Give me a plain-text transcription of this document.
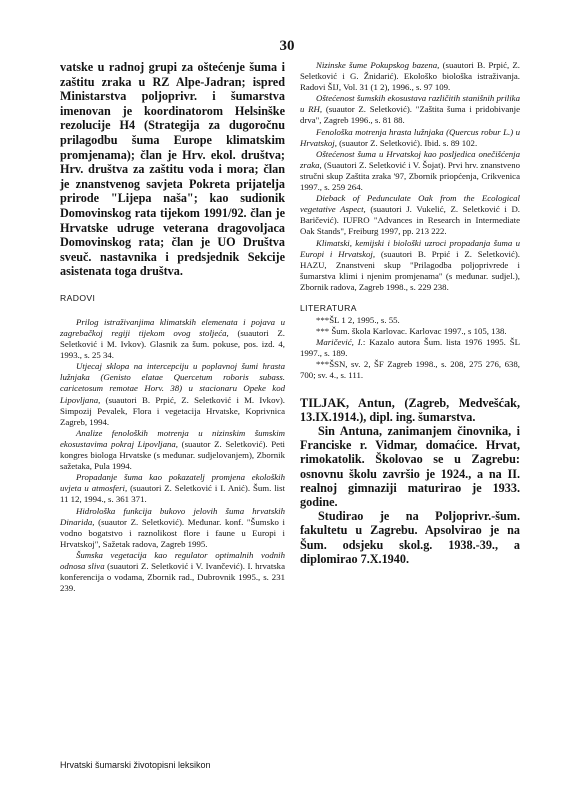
30

vatske u radnoj grupi za oštećenje šuma i zaštitu zraka u RZ Alpe-Jadran; ispred Ministarstva poljoprivr. i šumarstva imenovan je koordinatorom Helsinške rezolucije H4 (Strategija za dugoročnu prilagodbu šuma Europe klimatskim promjenama); član je Hrv. ekol. društva; Hrv. društva za zaštitu voda i mora; član je znanstvenog savjeta Pokreta prijatelja prirode "Lijepa naša"; kao sudionik Domovinskog rata tijekom 1991/92. član je Hrvatske udruge veterana dragovoljaca Domovinskog rata; član je UO Društva sveuč. nastavnika i predsjednik Sekcije asistenata toga društva.

RADOVI

Prilog istraživanjima klimatskih elemenata i pojava u zagrebačkoj regiji tijekom ovog stoljeća, (suautori Z. Seletković i M. Ivkov). Glasnik za šum. pokuse, pos. izd. 4, 1993., s. 25 34.

Utjecaj sklopa na intercepciju u poplavnoj šumi hrasta lužnjaka (Genisto elatae Quercetum roboris subass. caricetosum remotae Horv. 38) u stacionaru Opeke kod Lipovljana, (suautori B. Prpić, Z. Seletković i M. Ivkov). Simpozij Pevalek, Flora i vegetacija Hrvatske, Koprivnica Zagreb, 1994.

Analize fenoloških motrenja u nizinskim šumskim ekosustavima pokraj Lipovljana, (suautor Z. Seletković). Peti kongres biologa Hrvatske (s međunar. sudjelovanjem), Zbornik sažetaka, Pula 1994.

Propadanje šuma kao pokazatelj promjena ekoloških uvjeta u atmosferi, (suautori Z. Seletković i I. Anić). Šum. list 11 12, 1994., s. 361 371.

Hidrološka funkcija bukovo jelovih šuma hrvatskih Dinarida, (suautor Z. Seletković). Međunar. konf. "Šumsko i vodno bogatstvo i raznolikost flore i faune u Europi i Hrvatskoj", Sažetak radova, Zagreb 1995.

Šumska vegetacija kao regulator optimalnih vodnih odnosa sliva (suautori Z. Seletković i V. Ivančević). I. hrvatska konferencija o vodama, Zbornik rad., Dubrovnik 1995., s. 231 239.

Nizinske šume Pokupskog bazena, (suautori B. Prpić, Z. Seletković i G. Žnidarić). Ekološko biološka istraživanja. Radovi ŠIJ, Vol. 31 (1 2), 1996., s. 97 109.

Oštećenost šumskih ekosustava različitih stanišnih prilika u RH, (suautor Z. Seletković). "Zaštita šuma i pridobivanje drva", Zagreb 1996., s. 81 88.

Fenološka motrenja hrasta lužnjaka (Quercus robur L.) u Hrvatskoj, (suautor Z. Seletković). Ibid. s. 89 102.

Oštećenost šuma u Hrvatskoj kao posljedica onečišćenja zraka, (Suautori Z. Seletković i V. Šojat). Prvi hrv. znanstveno stručni skup Zaštita zraka '97, Zbornik priopćenja, Crikvenica 1997., s. 259 264.

Dieback of Pedunculate Oak from the Ecological vegetative Aspect, (suautori J. Vukelić, Z. Seletković i D. Baričević). IUFRO "Advances in Research in Intermediate Oak Stands", Freiburg 1997, pp. 213 222.

Klimatski, kemijski i biološki uzroci propadanja šuma u Europi i Hrvatskoj, (suautori B. Prpić i Z. Seletković). HAZU, Znanstveni skup "Prilagodba poljoprivrede i šumarstva klimi i njenim promjenama" (s međunar. sudjel.), Zbornik radova, Zagreb 1998., s. 229 238.

LITERATURA

***ŠL 1 2, 1995., s. 55.

*** Šum. škola Karlovac. Karlovac 1997., s 105, 138.

Maričević, I.: Kazalo autora Šum. lista 1976 1995. ŠL 1997., s. 189.

***ŠSN, sv. 2, ŠF Zagreb 1998., s. 208, 275 276, 638, 700; sv. 4., s. 111.

TILJAK, Antun, (Zagreb, Medvešćak, 13.IX.1914.), dipl. ing. šumarstva.

Sin Antuna, zanimanjem činovnika, i Franciske r. Vidmar, domaćice. Hrvat, rimokatolik. Školovao se u Zagrebu: osnovnu školu završio je 1924., a na II. realnoj gimnaziji maturirao je 1933. godine.

Studirao je na Poljoprivr.-šum. fakultetu u Zagrebu. Apsolvirao je na Šum. odsjeku skol.g. 1938.-39., a diplomirao 7.X.1940.

Hrvatski šumarski životopisni leksikon
